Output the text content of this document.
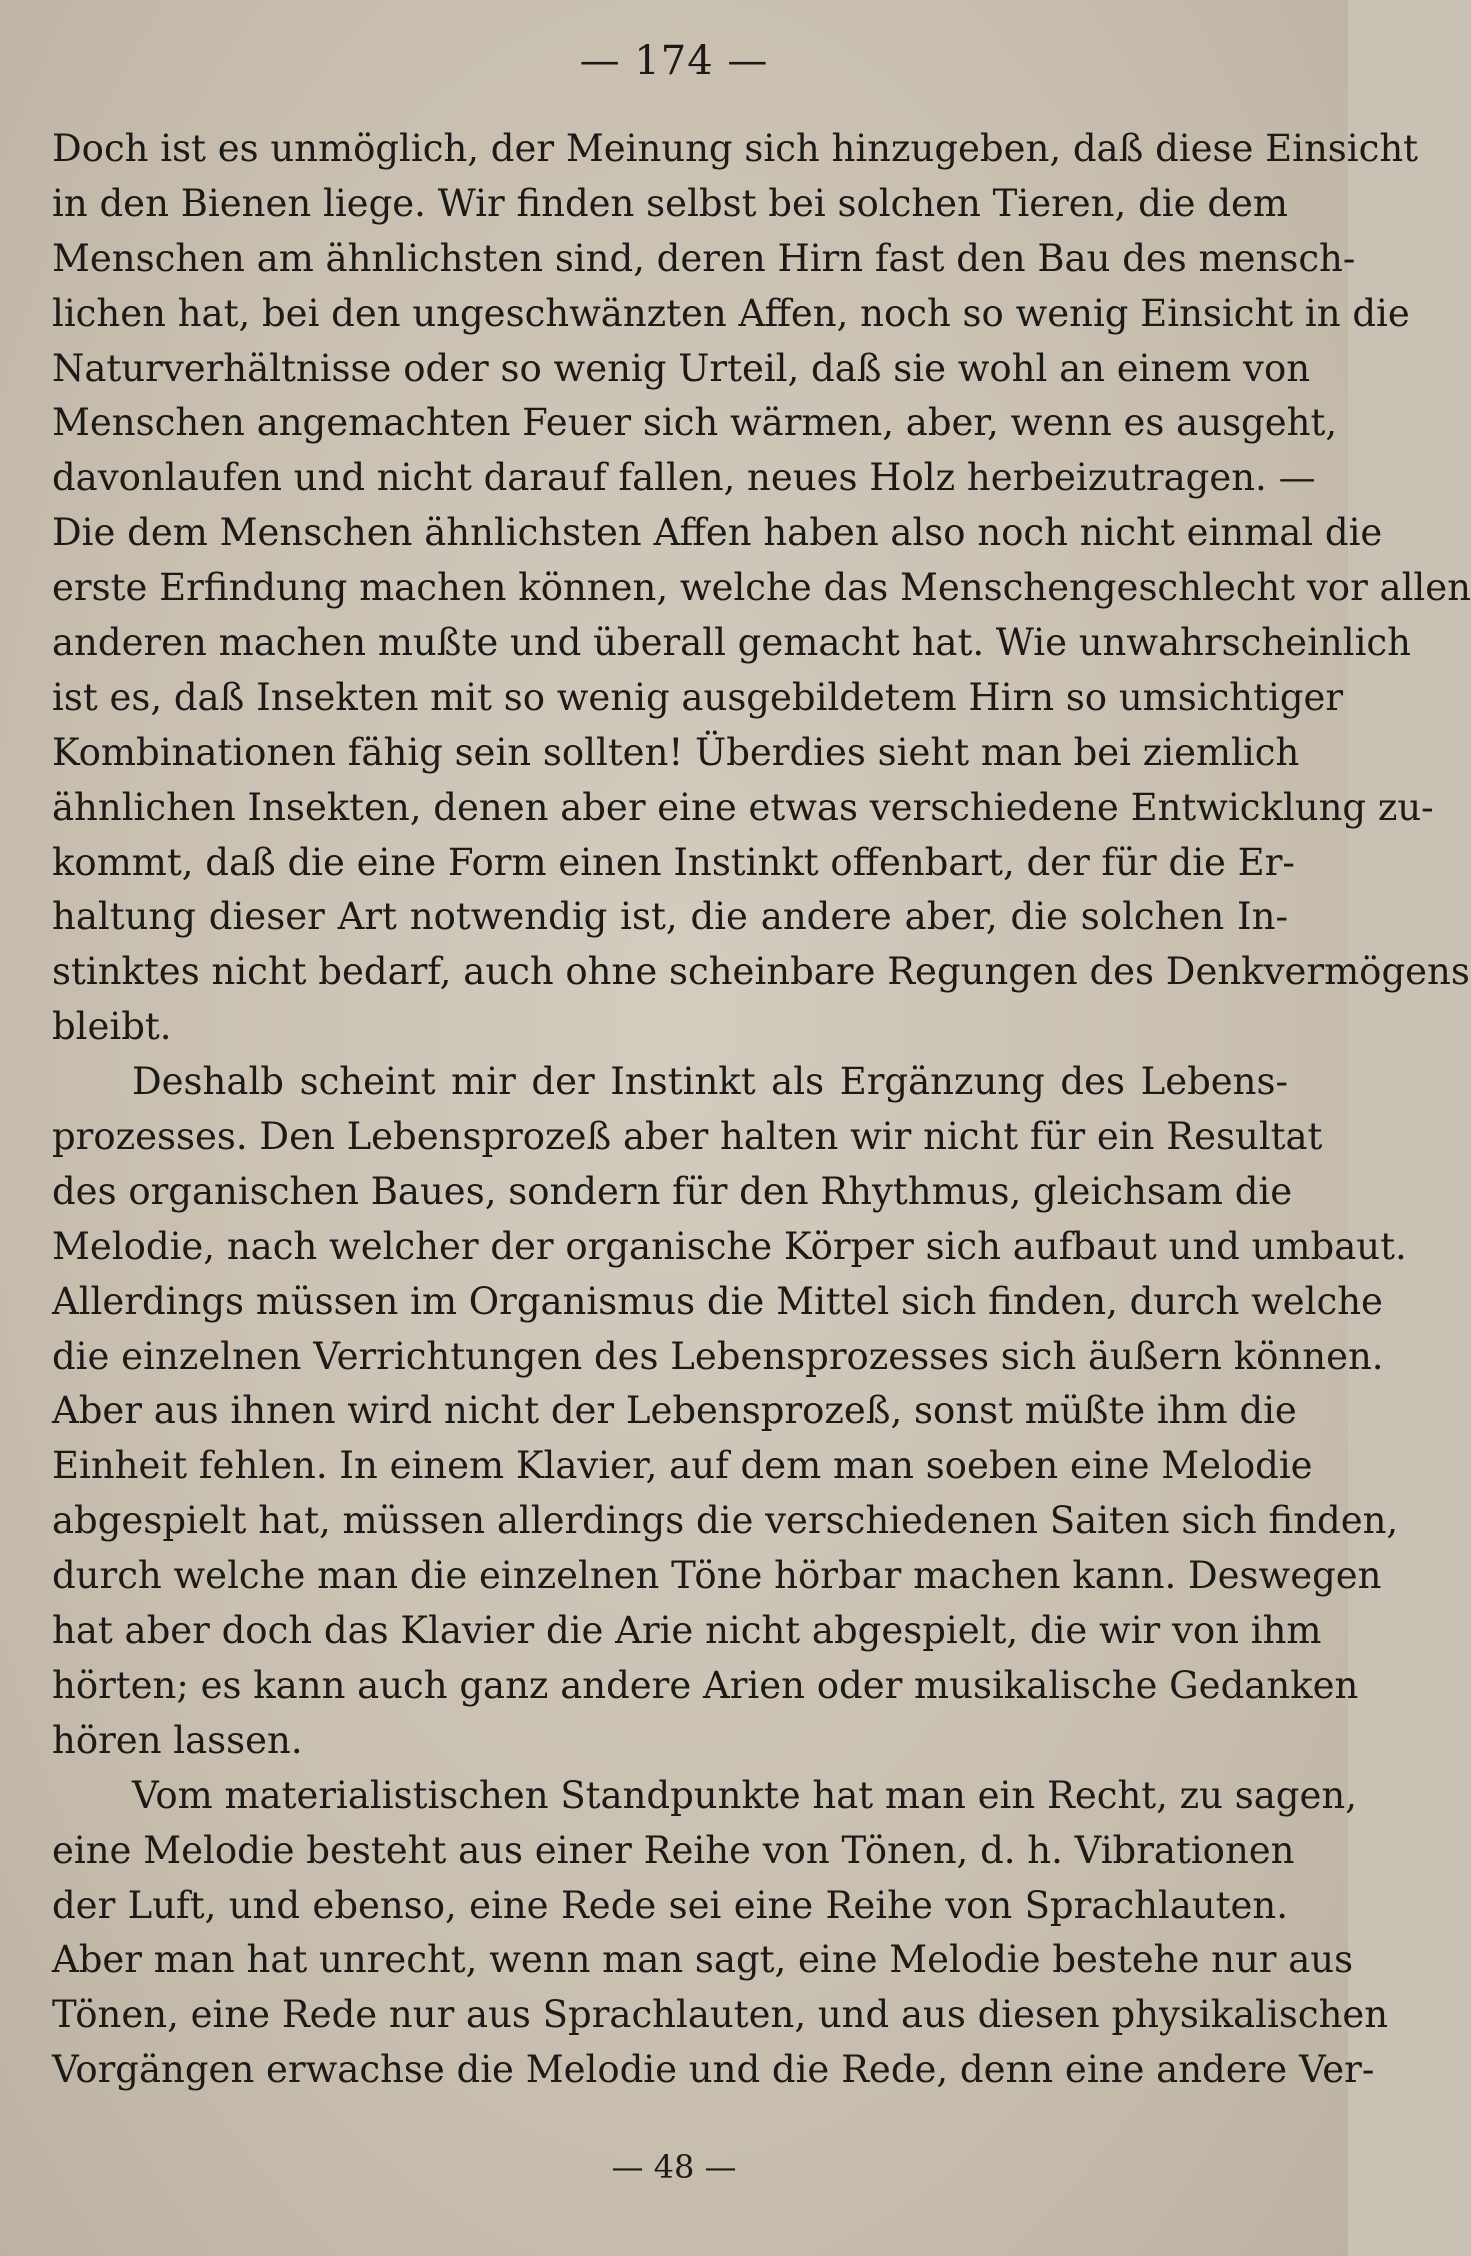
— 174 —
Doch ist es unmöglich, der Meinung sich hinzugeben, daß diese Einsicht
in den Bienen liege. Wir finden selbst bei solchen Tieren, die dem
Menschen am ähnlichsten sind, deren Hirn fast den Bau des mensch-
lichen hat, bei den ungeschwänzten Affen, noch so wenig Einsicht in die
Naturverhältnisse oder so wenig Urteil, daß sie wohl an einem von
Menschen angemachten Feuer sich wärmen, aber, wenn es ausgeht,
davonlaufen und nicht darauf fallen, neues Holz herbeizutragen. —
Die dem Menschen ähnlichsten Affen haben also noch nicht einmal die
erste Erfindung machen können, welche das Menschengeschlecht vor allen
anderen machen mußte und überall gemacht hat. Wie unwahrscheinlich
ist es, daß Insekten mit so wenig ausgebildetem Hirn so umsichtiger
Kombinationen fähig sein sollten! Überdies sieht man bei ziemlich
ähnlichen Insekten, denen aber eine etwas verschiedene Entwicklung zu-
kommt, daß die eine Form einen Instinkt offenbart, der für die Er-
haltung dieser Art notwendig ist, die andere aber, die solchen In-
stinktes nicht bedarf, auch ohne scheinbare Regungen des Denkvermögens
bleibt.
Deshalb scheint mir der Instinkt als Ergänzung des Lebens-
prozesses. Den Lebensprozeß aber halten wir nicht für ein Resultat
des organischen Baues, sondern für den Rhythmus, gleichsam die
Melodie, nach welcher der organische Körper sich aufbaut und umbaut.
Allerdings müssen im Organismus die Mittel sich finden, durch welche
die einzelnen Verrichtungen des Lebensprozesses sich äußern können.
Aber aus ihnen wird nicht der Lebensprozeß, sonst müßte ihm die
Einheit fehlen. In einem Klavier, auf dem man soeben eine Melodie
abgespielt hat, müssen allerdings die verschiedenen Saiten sich finden,
durch welche man die einzelnen Töne hörbar machen kann. Deswegen
hat aber doch das Klavier die Arie nicht abgespielt, die wir von ihm
hörten; es kann auch ganz andere Arien oder musikalische Gedanken
hören lassen.
Vom materialistischen Standpunkte hat man ein Recht, zu sagen,
eine Melodie besteht aus einer Reihe von Tönen, d. h. Vibrationen
der Luft, und ebenso, eine Rede sei eine Reihe von Sprachlauten.
Aber man hat unrecht, wenn man sagt, eine Melodie bestehe nur aus
Tönen, eine Rede nur aus Sprachlauten, und aus diesen physikalischen
Vorgängen erwachse die Melodie und die Rede, denn eine andere Ver-
— 48 —
